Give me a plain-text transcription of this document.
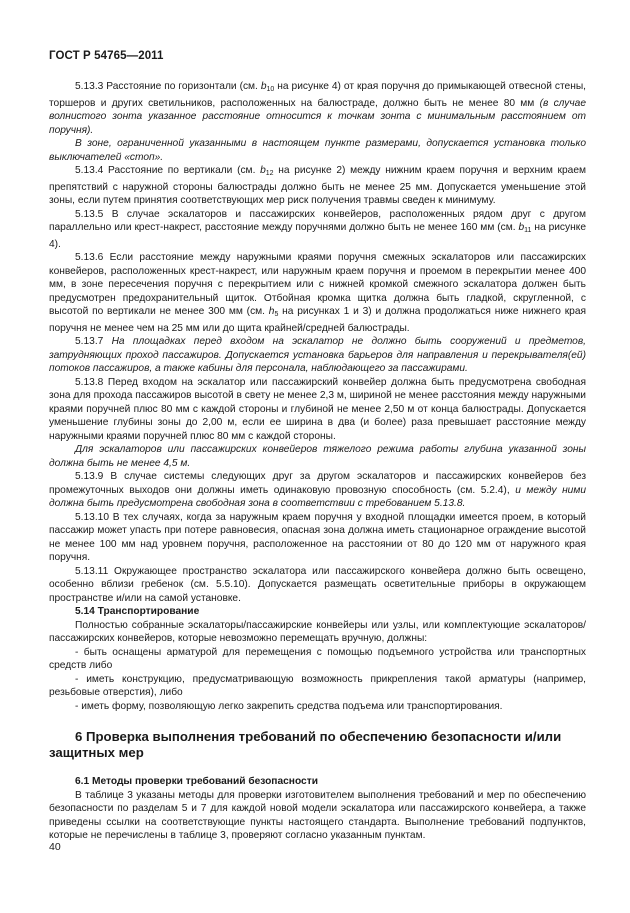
ГОСТ Р 54765—2011

5.13.3 Расстояние по горизонтали (см. $b_{10}$ на рисунке 4) от края поручня до примыкающей отвесной стены, торшеров и других светильников, расположенных на балюстраде, должно быть не менее 80 мм (в случае волнистого зонта указанное расстояние относится к точкам зонта с минимальным расстоянием от поручня).

В зоне, ограниченной указанными в настоящем пункте размерами, допускается установка только выключателей «стоп».

5.13.4 Расстояние по вертикали (см. $b_{12}$ на рисунке 2) между нижним краем поручня и верхним краем препятствий с наружной стороны балюстрады должно быть не менее 25 мм. Допускается уменьшение этой зоны, если путем принятия соответствующих мер риск получения травмы сведен к минимуму.

5.13.5 В случае эскалаторов и пассажирских конвейеров, расположенных рядом друг с другом параллельно или крест-накрест, расстояние между поручнями должно быть не менее 160 мм (см. $b_{11}$ на рисунке 4).

5.13.6 Если расстояние между наружными краями поручня смежных эскалаторов или пассажирских конвейеров, расположенных крест-накрест, или наружным краем поручня и проемом в перекрытии менее 400 мм, в зоне пересечения поручня с перекрытием или с нижней кромкой смежного эскалатора должен быть предусмотрен предохранительный щиток. Отбойная кромка щитка должна быть гладкой, скругленной, с высотой по вертикали не менее 300 мм (см. $h_5$ на рисунках 1 и 3) и должна продолжаться ниже нижнего края поручня не менее чем на 25 мм или до щита крайней/средней балюстрады.

5.13.7 На площадках перед входом на эскалатор не должно быть сооружений и предметов, затрудняющих проход пассажиров. Допускается установка барьеров для направления и перекрывателя(ей) потоков пассажиров, а также кабины для персонала, наблюдающего за пассажирами.

5.13.8 Перед входом на эскалатор или пассажирский конвейер должна быть предусмотрена свободная зона для прохода пассажиров высотой в свету не менее 2,3 м, шириной не менее расстояния между наружными краями поручней плюс 80 мм с каждой стороны и глубиной не менее 2,50 м от конца балюстрады. Допускается уменьшение глубины зоны до 2,00 м, если ее ширина в два (и более) раза превышает расстояние между наружными краями поручней плюс 80 мм с каждой стороны.

Для эскалаторов или пассажирских конвейеров тяжелого режима работы глубина указанной зоны должна быть не менее 4,5 м.

5.13.9 В случае системы следующих друг за другом эскалаторов и пассажирских конвейеров без промежуточных выходов они должны иметь одинаковую провозную способность (см. 5.2.4), и между ними должна быть предусмотрена свободная зона в соответствии с требованием 5.13.8.

5.13.10 В тех случаях, когда за наружным краем поручня у входной площадки имеется проем, в который пассажир может упасть при потере равновесия, опасная зона должна иметь стационарное ограждение высотой не менее 100 мм над уровнем поручня, расположенное на расстоянии от 80 до 120 мм от наружного края поручня.

5.13.11 Окружающее пространство эскалатора или пассажирского конвейера должно быть освещено, особенно вблизи гребенок (см. 5.5.10). Допускается размещать осветительные приборы в окружающем пространстве и/или на самой установке.

5.14 Транспортирование

Полностью собранные эскалаторы/пассажирские конвейеры или узлы, или комплектующие эскалаторов/пассажирских конвейеров, которые невозможно перемещать вручную, должны:

- быть оснащены арматурой для перемещения с помощью подъемного устройства или транспортных средств либо

- иметь конструкцию, предусматривающую возможность прикрепления такой арматуры (например, резьбовые отверстия), либо

- иметь форму, позволяющую легко закрепить средства подъема или транспортирования.

6 Проверка выполнения требований по обеспечению безопасности и/или защитных мер

6.1 Методы проверки требований безопасности

В таблице 3 указаны методы для проверки изготовителем выполнения требований и мер по обеспечению безопасности по разделам 5 и 7 для каждой новой модели эскалатора или пассажирского конвейера, а также приведены ссылки на соответствующие пункты настоящего стандарта. Выполнение требований подпунктов, которые не перечислены в таблице 3, проверяют согласно указанным пунктам.

40
